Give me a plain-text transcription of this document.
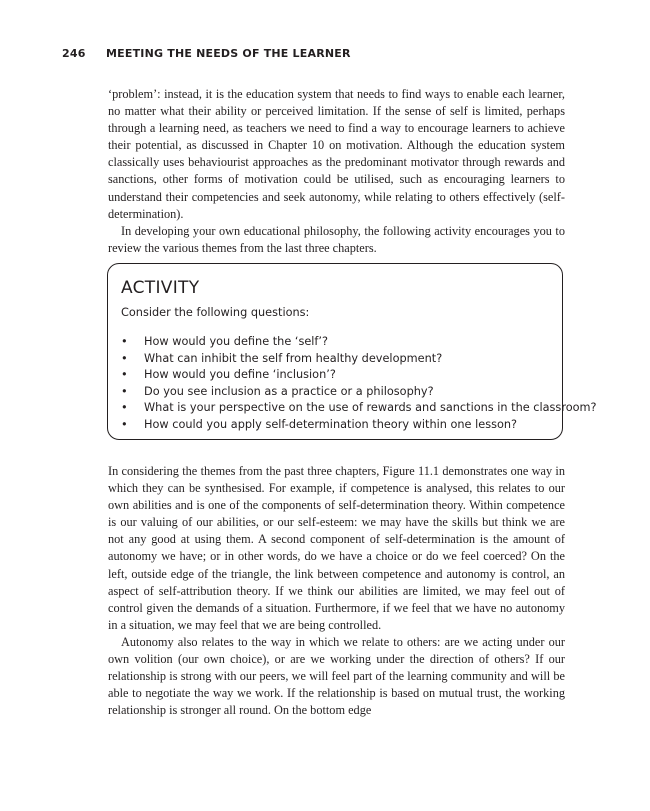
246 MEETING THE NEEDS OF THE LEARNER

‘problem’: instead, it is the education system that needs to find ways to enable each learner, no matter what their ability or perceived limitation. If the sense of self is limited, perhaps through a learning need, as teachers we need to find a way to encourage learners to achieve their potential, as discussed in Chapter 10 on motivation. Although the education system classically uses behaviourist approaches as the predominant motivator through rewards and sanctions, other forms of motivation could be utilised, such as encouraging learners to understand their competencies and seek autonomy, while relating to others effectively (self-determination).

In developing your own educational philosophy, the following activity encourages you to review the various themes from the last three chapters.

ACTIVITY
Consider the following questions:
• How would you define the ‘self’?
• What can inhibit the self from healthy development?
• How would you define ‘inclusion’?
• Do you see inclusion as a practice or a philosophy?
• What is your perspective on the use of rewards and sanctions in the classroom?
• How could you apply self-determination theory within one lesson?

In considering the themes from the past three chapters, Figure 11.1 demonstrates one way in which they can be synthesised. For example, if competence is analysed, this relates to our own abilities and is one of the components of self-determination theory. Within competence is our valuing of our abilities, or our self-esteem: we may have the skills but think we are not any good at using them. A second component of self-determination is the amount of autonomy we have; or in other words, do we have a choice or do we feel coerced? On the left, outside edge of the triangle, the link between competence and autonomy is control, an aspect of self-attribution theory. If we think our abilities are limited, we may feel out of control given the demands of a situation. Furthermore, if we feel that we have no autonomy in a situation, we may feel that we are being controlled.

Autonomy also relates to the way in which we relate to others: are we acting under our own volition (our own choice), or are we working under the direction of others? If our relationship is strong with our peers, we will feel part of the learning community and will be able to negotiate the way we work. If the relationship is based on mutual trust, the working relationship is stronger all round. On the bottom edge
